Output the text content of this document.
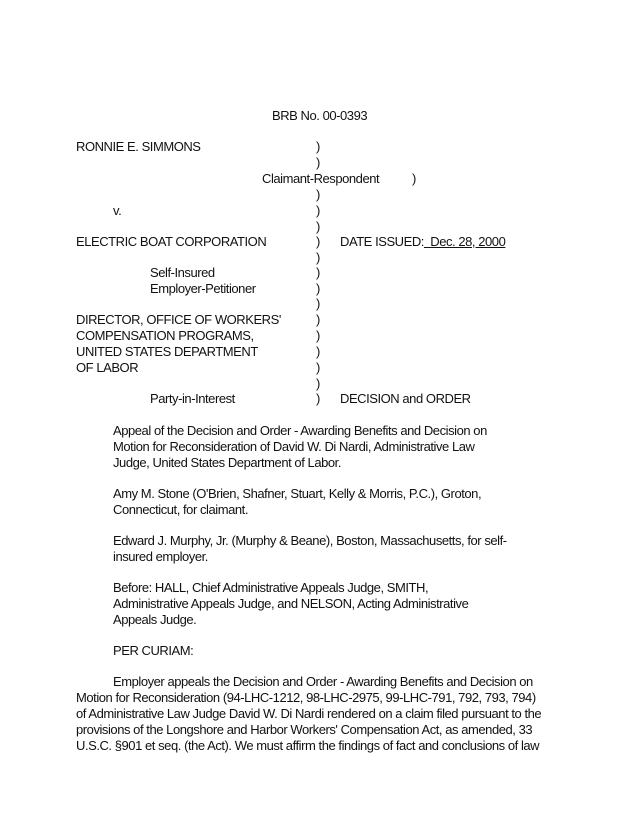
BRB No. 00-0393
RONNIE E. SIMMONS
Claimant-Respondent
v.
ELECTRIC BOAT CORPORATION
Self-Insured
Employer-Petitioner
DIRECTOR, OFFICE OF WORKERS'
COMPENSATION PROGRAMS,
UNITED STATES DEPARTMENT
OF LABOR
Party-in-Interest
)
)
)
)
)
)
)
)
)
)
)
)
)
)
)
)
)
DATE ISSUED: Dec. 28, 2000
DECISION and ORDER
Appeal of the Decision and Order - Awarding Benefits and Decision on
Motion for Reconsideration of David W. Di Nardi, Administrative Law
Judge, United States Department of Labor.
Amy M. Stone (O'Brien, Shafner, Stuart, Kelly & Morris, P.C.), Groton,
Connecticut, for claimant.
Edward J. Murphy, Jr. (Murphy & Beane), Boston, Massachusetts, for self-
insured employer.
Before: HALL, Chief Administrative Appeals Judge, SMITH,
Administrative Appeals Judge, and NELSON, Acting Administrative
Appeals Judge.
PER CURIAM:
Employer appeals the Decision and Order - Awarding Benefits and Decision on
Motion for Reconsideration (94-LHC-1212, 98-LHC-2975, 99-LHC-791, 792, 793, 794)
of Administrative Law Judge David W. Di Nardi rendered on a claim filed pursuant to the
provisions of the Longshore and Harbor Workers' Compensation Act, as amended, 33
U.S.C. §901 et seq. (the Act). We must affirm the findings of fact and conclusions of law
